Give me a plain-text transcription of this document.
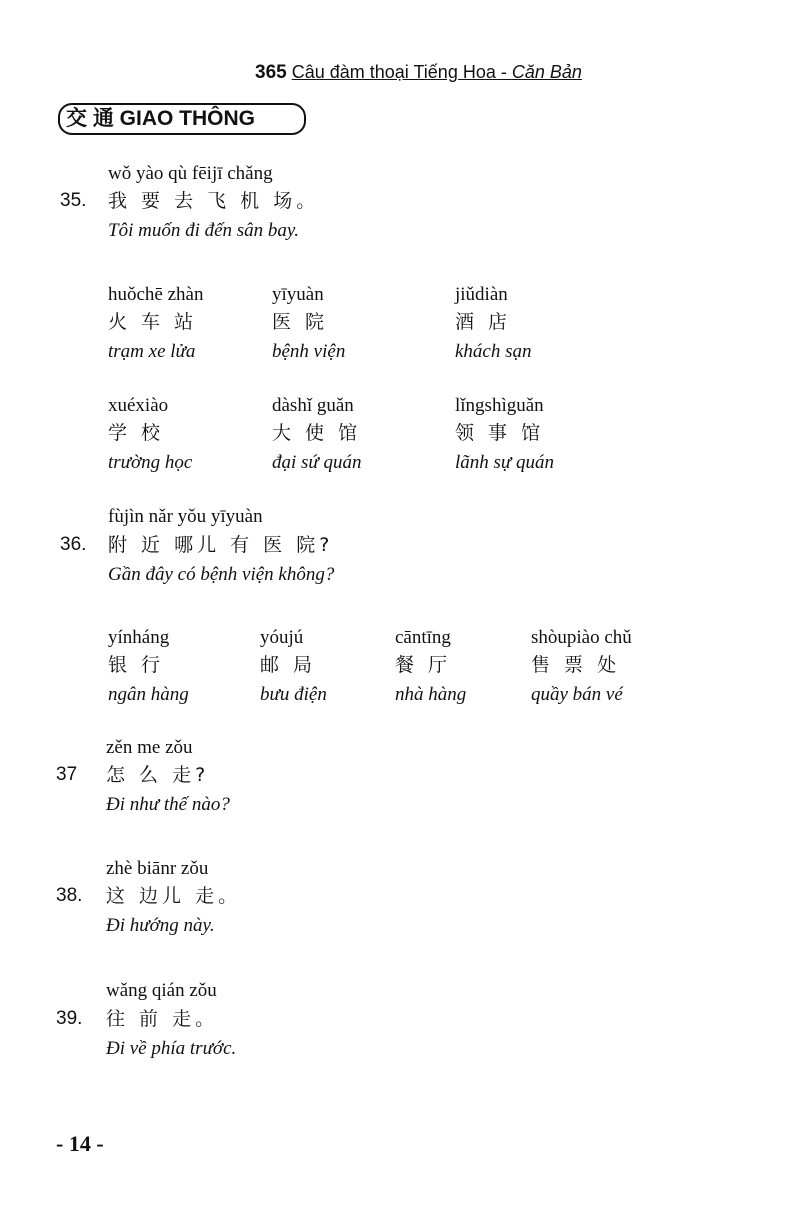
365 Câu đàm thoại Tiếng Hoa - Căn Bản
交 通 GIAO THÔNG
wǒ yào qù fēijī chǎng
35. 我 要 去 飞 机 场。
Tôi muốn đi đến sân bay.
huǒchē zhàn
火 车 站
trạm xe lửa
yīyuàn
医 院
bệnh viện
jiǔdiàn
酒 店
khách sạn
xuéxiào
学 校
trường học
dàshǐ guǎn
大 使 馆
đại sứ quán
lǐngshìguǎn
领 事 馆
lãnh sự quán
fùjìn nǎr yǒu yīyuàn
36. 附 近 哪儿 有 医 院?
Gần đây có bệnh viện không?
yínháng
银 行
ngân hàng
yóujú
邮 局
bưu điện
cāntīng
餐 厅
nhà hàng
shòupiào chǔ
售 票 处
quầy bán vé
zěn me zǒu
37 怎 么 走?
Đi như thế nào?
zhè biānr zǒu
38. 这 边儿 走。
Đi hướng này.
wǎng qián zǒu
39. 往 前 走。
Đi về phía trước.
- 14 -
